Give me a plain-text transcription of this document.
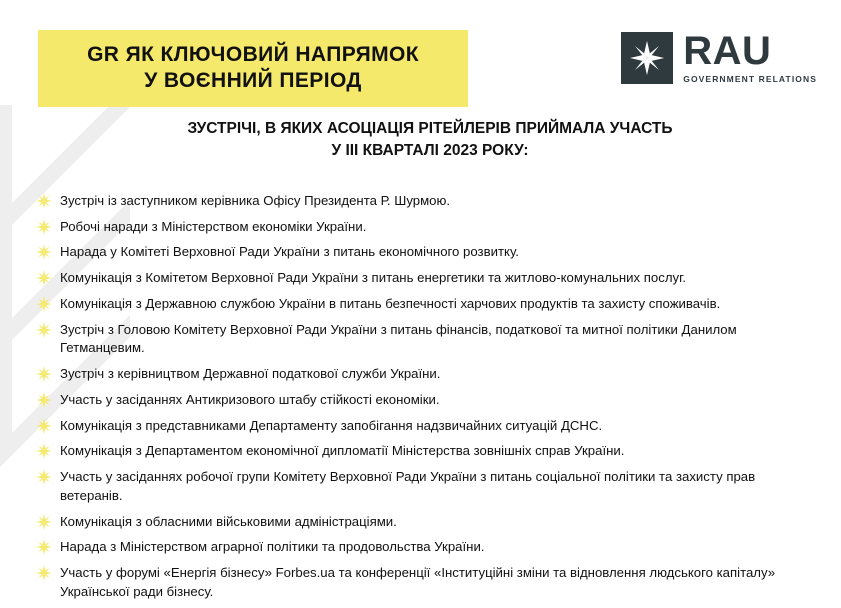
GR ЯК КЛЮЧОВИЙ НАПРЯМОК
У ВОЄННИЙ ПЕРІОД
RAU
GOVERNMENT RELATIONS
ЗУСТРІЧІ, В ЯКИХ АСОЦІАЦІЯ РІТЕЙЛЕРІВ ПРИЙМАЛА УЧАСТЬ
У ІІІ КВАРТАЛІ 2023 РОКУ:
Зустріч із заступником керівника Офісу Президента Р. Шурмою.
Робочі наради з Міністерством економіки України.
Нарада у Комітеті Верховної Ради України з питань економічного розвитку.
Комунікація з Комітетом Верховної Ради України з питань енергетики та житлово-комунальних послуг.
Комунікація з Державною службою України в питань безпечності харчових продуктів та захисту споживачів.
Зустріч з Головою Комітету Верховної Ради України з питань фінансів, податкової та митної політики Данилом Гетманцевим.
Зустріч з керівництвом Державної податкової служби України.
Участь у засіданнях Антикризового штабу стійкості економіки.
Комунікація з представниками Департаменту запобігання надзвичайних ситуацій ДСНС.
Комунікація з Департаментом економічної дипломатії Міністерства зовнішніх справ України.
Участь у засіданнях робочої групи Комітету Верховної Ради України з питань соціальної політики та захисту прав ветеранів.
Комунікація з обласними військовими адміністраціями.
Нарада з Міністерством аграрної політики та продовольства України.
Участь у форумі «Енергія бізнесу» Forbes.ua та конференції «Інституційні зміни та відновлення людського капіталу» Української ради бізнесу.
